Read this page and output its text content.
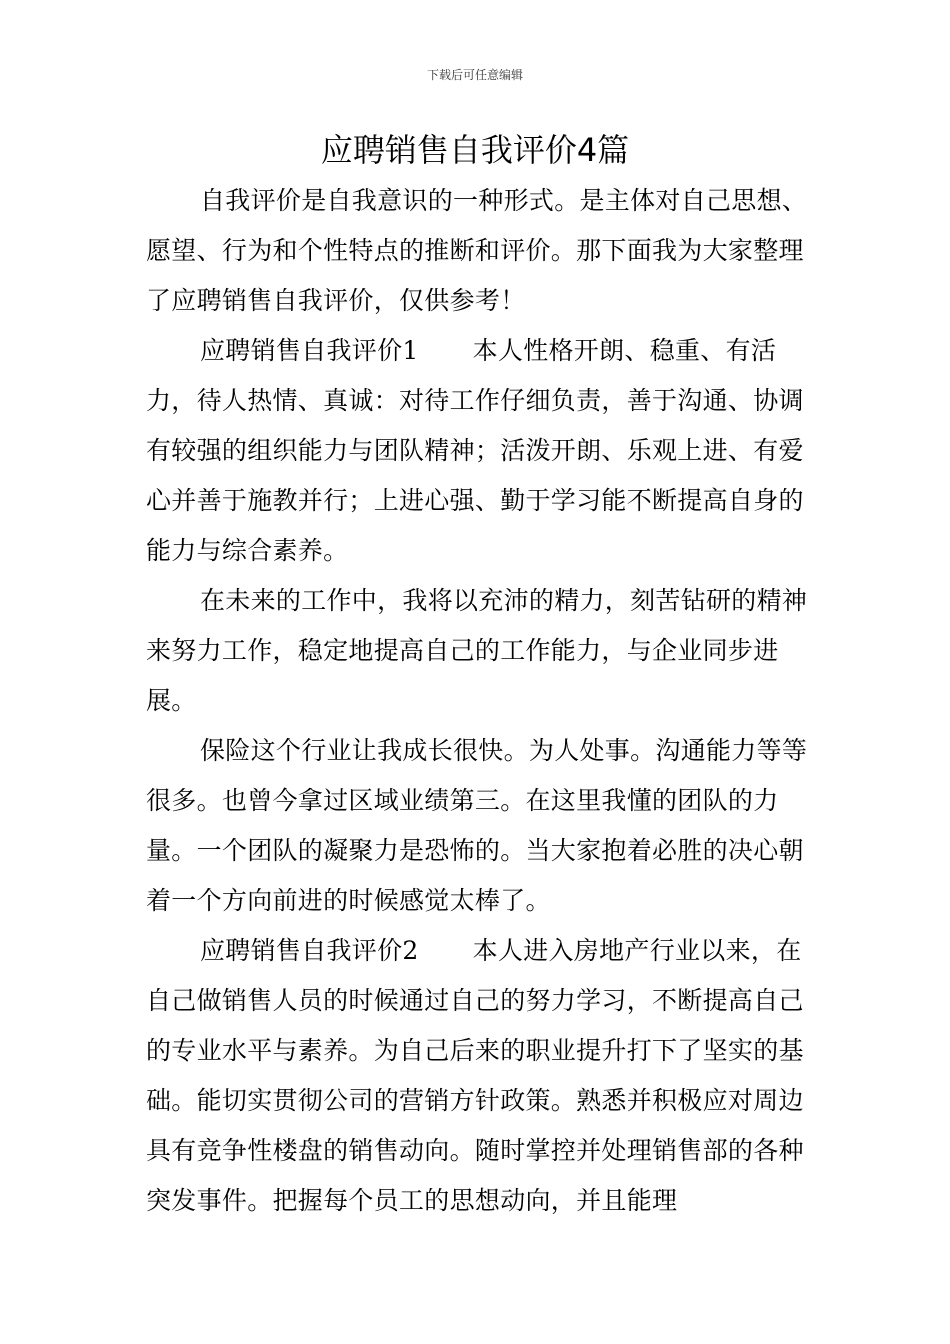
下载后可任意编辑
应聘销售自我评价4篇

自我评价是自我意识的一种形式。是主体对自己思想、愿望、行为和个性特点的推断和评价。那下面我为大家整理了应聘销售自我评价，仅供参考！

应聘销售自我评价1 本人性格开朗、稳重、有活力，待人热情、真诚：对待工作仔细负责，善于沟通、协调有较强的组织能力与团队精神；活泼开朗、乐观上进、有爱心并善于施教并行；上进心强、勤于学习能不断提高自身的能力与综合素养。

在未来的工作中，我将以充沛的精力，刻苦钻研的精神来努力工作，稳定地提高自己的工作能力，与企业同步进展。

保险这个行业让我成长很快。为人处事。沟通能力等等很多。也曾今拿过区域业绩第三。在这里我懂的团队的力量。一个团队的凝聚力是恐怖的。当大家抱着必胜的决心朝着一个方向前进的时候感觉太棒了。

应聘销售自我评价2 本人进入房地产行业以来，在自己做销售人员的时候通过自己的努力学习，不断提高自己的专业水平与素养。为自己后来的职业提升打下了坚实的基础。能切实贯彻公司的营销方针政策。熟悉并积极应对周边具有竞争性楼盘的销售动向。随时掌控并处理销售部的各种突发事件。把握每个员工的思想动向，并且能理
